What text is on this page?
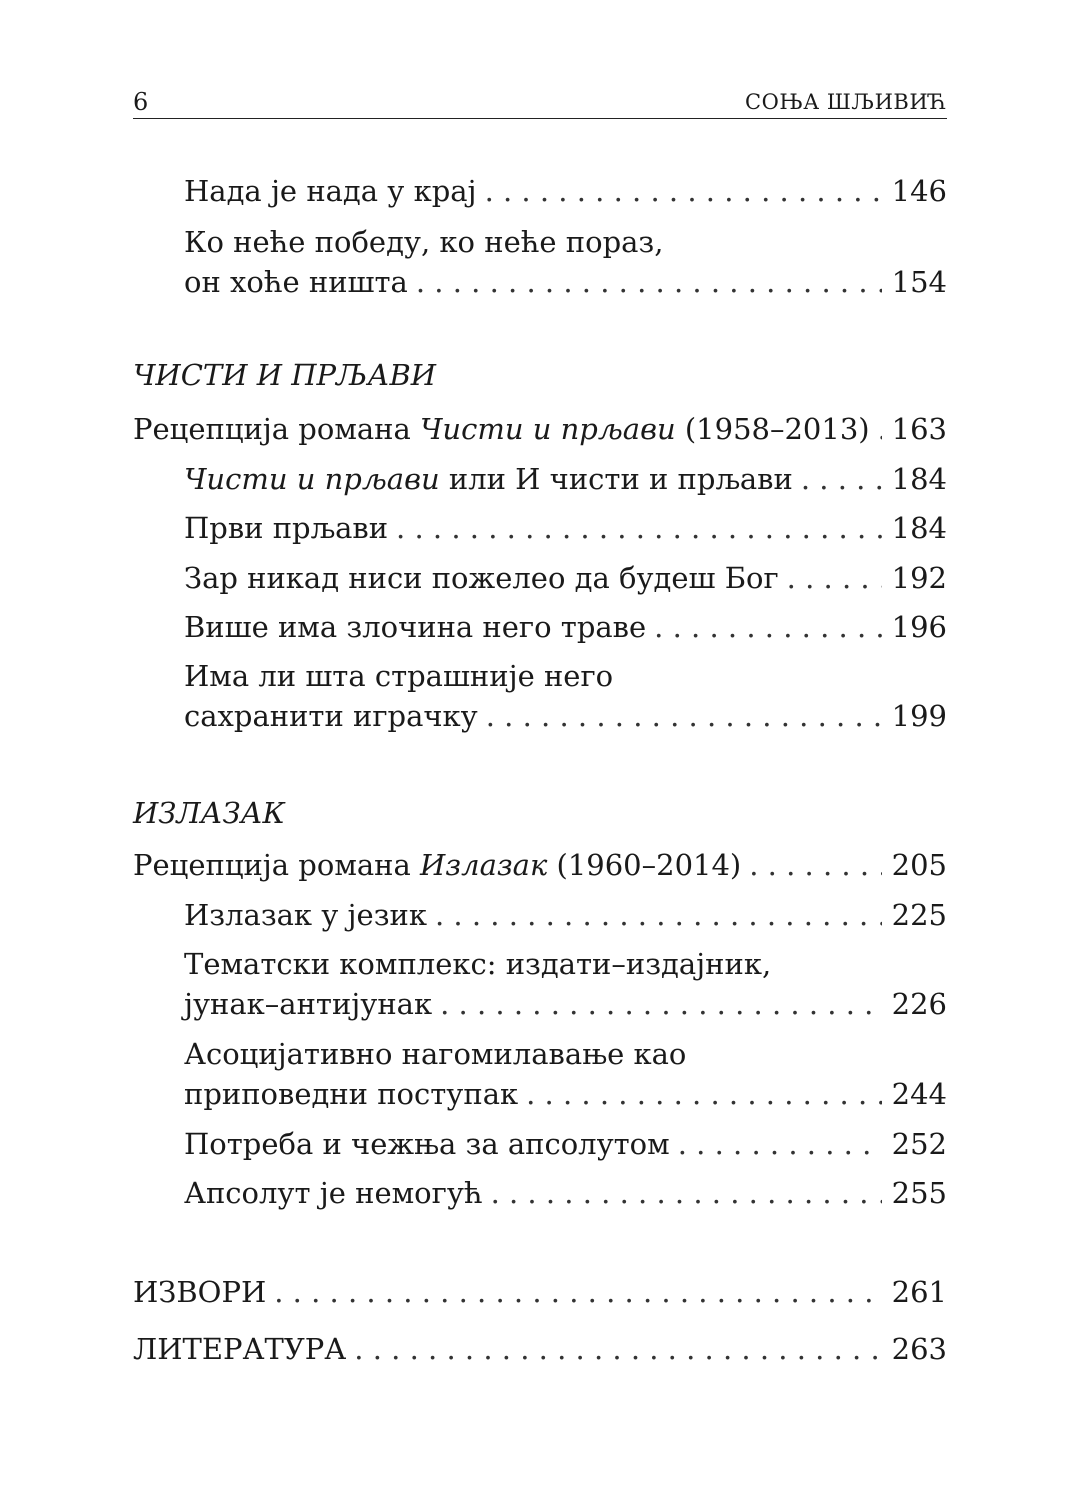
6	СОЊА ШЉИВИЋ
Нада је нада у крај . . .	146
Ко неће победу, ко неће пораз,
он хоће ништа . . .	154
ЧИСТИ И ПРЉАВИ
Рецепција романа Чисти и прљави (1958–2013) . . . 163
Чисти и прљави или И чисти и прљави . . .	184
Први прљави . . .	184
Зар никад ниси пожелео да будеш Бог . . .	192
Више има злочина него траве . . .	196
Има ли шта страшније него
сахранити играчку . . .	199
ИЗЛАЗАК
Рецепција романа Излазак (1960–2014) . . .	205
Излазак у језик . . .	225
Тематски комплекс: издати–издајник,
јунак–антијунак . . .	226
Асоцијативно нагомилавање као
приповедни поступак . . .	244
Потреба и чежња за апсолутом . . .	252
Апсолут је немогућ . . .	255
ИЗВОРИ . . .	261
ЛИТЕРАТУРА . . .	263
